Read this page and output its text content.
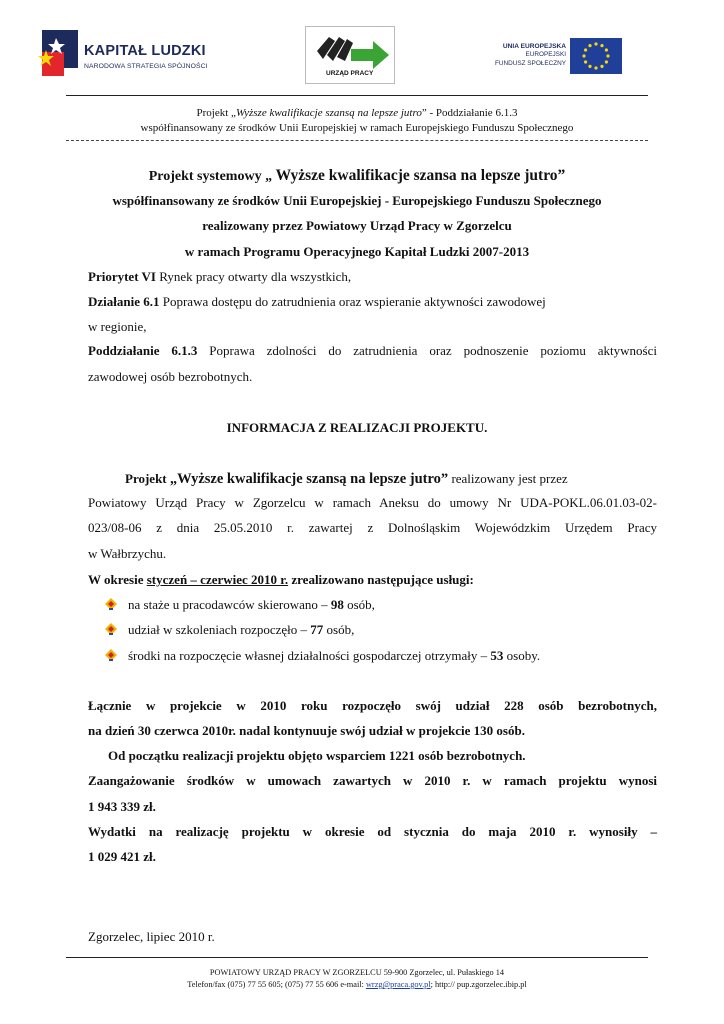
KAPITAŁ LUDZKI
NARODOWA STRATEGIA SPÓJNOŚCI
URZĄD PRACY
UNIA EUROPEJSKA
EUROPEJSKI
FUNDUSZ SPOŁECZNY
Projekt „Wyższe kwalifikacje szansą na lepsze jutro” - Poddziałanie 6.1.3
współfinansowany ze środków Unii Europejskiej w ramach Europejskiego Funduszu Społecznego
Projekt systemowy „ Wyższe kwalifikacje szansa na lepsze jutro”
współfinansowany ze środków Unii Europejskiej - Europejskiego Funduszu Społecznego
realizowany przez Powiatowy Urząd Pracy w Zgorzelcu
w ramach Programu Operacyjnego Kapitał Ludzki 2007-2013
Priorytet VI Rynek pracy otwarty dla wszystkich,
Działanie 6.1 Poprawa dostępu do zatrudnienia oraz wspieranie aktywności zawodowej
w regionie,
Poddziałanie 6.1.3 Poprawa zdolności do zatrudnienia oraz podnoszenie poziomu aktywności
zawodowej osób bezrobotnych.
INFORMACJA Z REALIZACJI PROJEKTU.
Projekt „Wyższe kwalifikacje szansą na lepsze jutro” realizowany jest przez
Powiatowy Urząd Pracy w Zgorzelcu w ramach Aneksu do umowy Nr UDA-POKL.06.01.03-02-
023/08-06 z dnia 25.05.2010 r. zawartej z Dolnośląskim Wojewódzkim Urzędem Pracy
w Wałbrzychu.
W okresie styczeń – czerwiec 2010 r. zrealizowano następujące usługi:
na staże u pracodawców skierowano – 98 osób,
udział w szkoleniach rozpoczęło – 77 osób,
środki na rozpoczęcie własnej działalności gospodarczej otrzymały – 53 osoby.
Łącznie w projekcie w 2010 roku rozpoczęło swój udział 228 osób bezrobotnych,
na dzień 30 czerwca 2010r. nadal kontynuuje swój udział w projekcie 130 osób.
Od początku realizacji projektu objęto wsparciem 1221 osób bezrobotnych.
Zaangażowanie środków w umowach zawartych w 2010 r. w ramach projektu wynosi
1 943 339 zł.
Wydatki na realizację projektu w okresie od stycznia do maja 2010 r. wynosiły –
1 029 421 zł.
Zgorzelec, lipiec 2010 r.
POWIATOWY URZĄD PRACY W ZGORZELCU 59-900 Zgorzelec, ul. Pułaskiego 14
Telefon/fax (075) 77 55 605; (075) 77 55 606 e-mail: wrzg@praca.gov.pl; http:// pup.zgorzelec.ibip.pl
